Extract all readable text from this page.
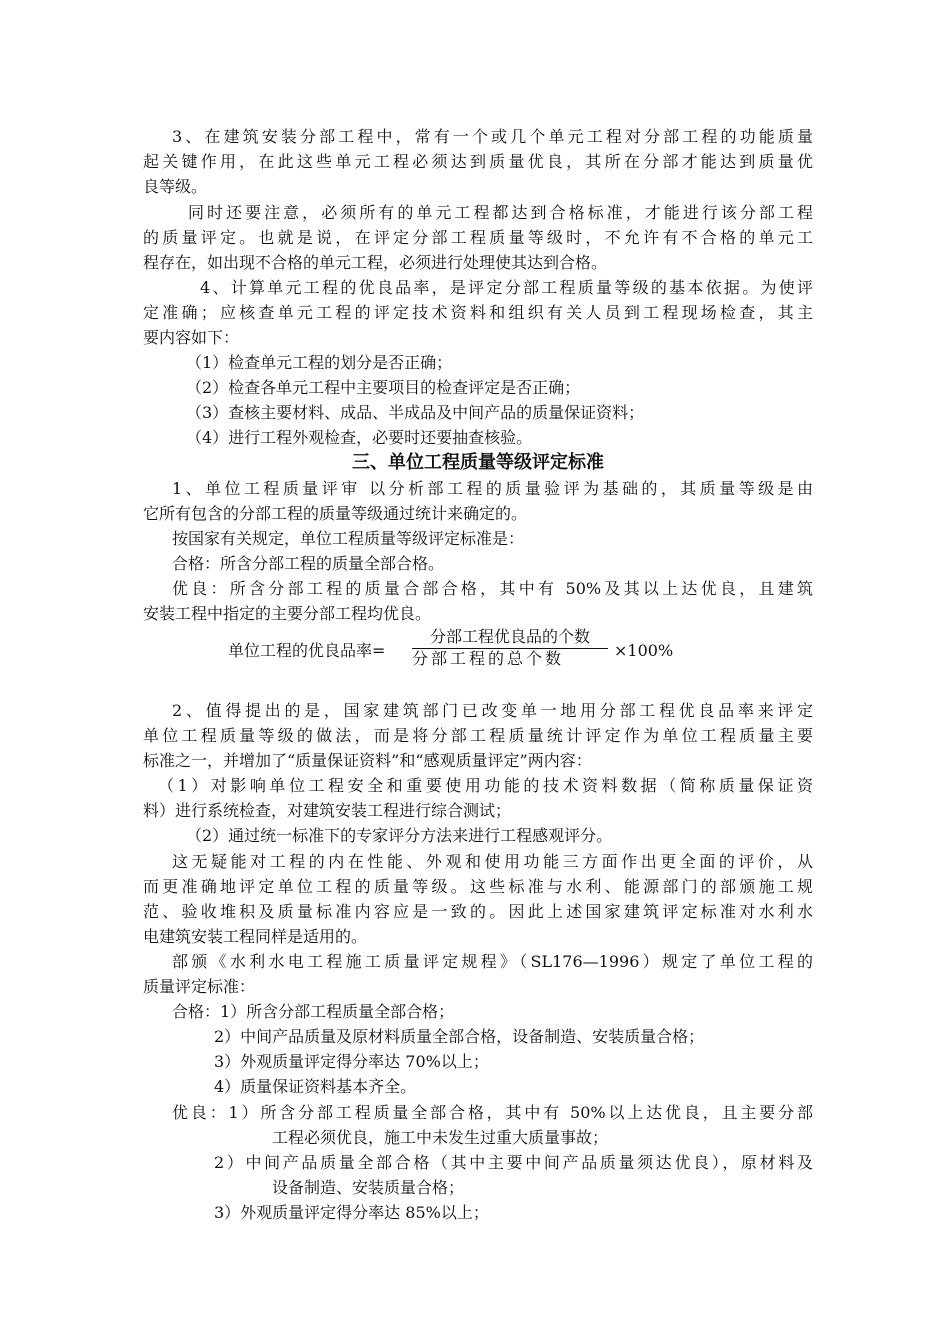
3、在建筑安装分部工程中，常有一个或几个单元工程对分部工程的功能质量
起关键作用，在此这些单元工程必须达到质量优良，其所在分部才能达到质量优
良等级。
同时还要注意，必须所有的单元工程都达到合格标准，才能进行该分部工程
的质量评定。也就是说，在评定分部工程质量等级时，不允许有不合格的单元工
程存在，如出现不合格的单元工程，必须进行处理使其达到合格。
4、计算单元工程的优良品率，是评定分部工程质量等级的基本依据。为使评
定准确；应核查单元工程的评定技术资料和组织有关人员到工程现场检查，其主
要内容如下：
（1）检查单元工程的划分是否正确；
（2）检查各单元工程中主要项目的检查评定是否正确；
（3）查核主要材料、成品、半成品及中间产品的质量保证资料；
（4）进行工程外观检查，必要时还要抽查核验。
三、单位工程质量等级评定标准
1、单位工程质量评审 以分析部工程的质量验评为基础的，其质量等级是由
它所有包含的分部工程的质量等级通过统计来确定的。
按国家有关规定，单位工程质量等级评定标准是：
合格：所含分部工程的质量全部合格。
优良：所含分部工程的质量合部合格，其中有 50%及其以上达优良，且建筑
安装工程中指定的主要分部工程均优良。
单位工程的优良品率=
分部工程优良品的个数
分部工程的总个数	×100%
2、值得提出的是，国家建筑部门已改变单一地用分部工程优良品率来评定
单位工程质量等级的做法，而是将分部工程质量统计评定作为单位工程质量主要
标准之一，并增加了“质量保证资料”和“感观质量评定”两内容：
（1）对影响单位工程安全和重要使用功能的技术资料数据（简称质量保证资
料）进行系统检查，对建筑安装工程进行综合测试；
（2）通过统一标准下的专家评分方法来进行工程感观评分。
这无疑能对工程的内在性能、外观和使用功能三方面作出更全面的评价，从
而更准确地评定单位工程的质量等级。这些标准与水利、能源部门的部颁施工规
范、验收堆积及质量标准内容应是一致的。因此上述国家建筑评定标准对水利水
电建筑安装工程同样是适用的。
部颁《水利水电工程施工质量评定规程》（SL176—1996）规定了单位工程的
质量评定标准：
合格：1）所含分部工程质量全部合格；
2）中间产品质量及原材料质量全部合格，设备制造、安装质量合格；
3）外观质量评定得分率达 70%以上；
4）质量保证资料基本齐全。
优良：1）所含分部工程质量全部合格，其中有 50%以上达优良，且主要分部
工程必须优良，施工中未发生过重大质量事故；
2）中间产品质量全部合格（其中主要中间产品质量须达优良），原材料及
设备制造、安装质量合格；
3）外观质量评定得分率达 85%以上；
